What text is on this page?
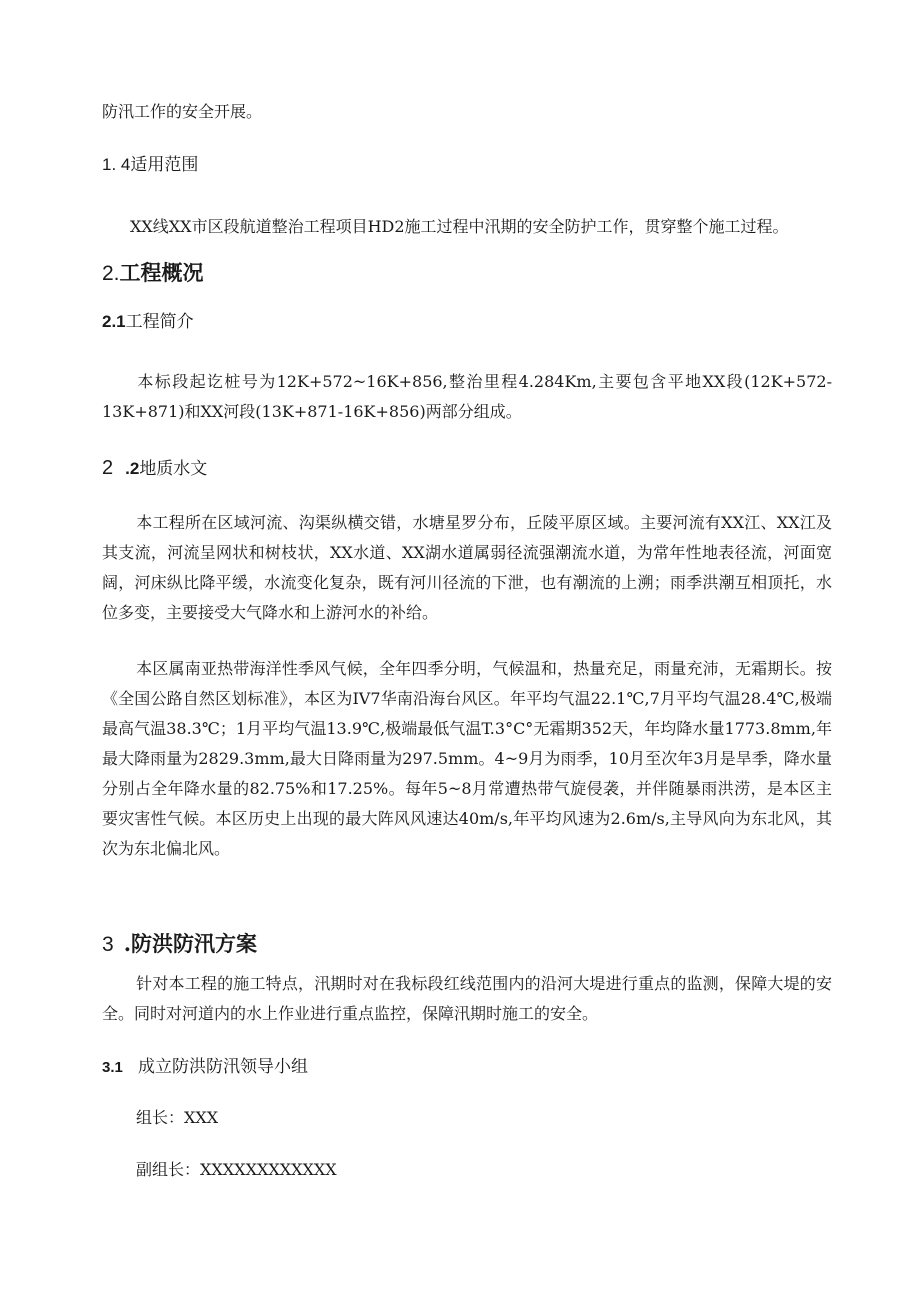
防汛工作的安全开展。
1. 4适用范围
XX线XX市区段航道整治工程项目HD2施工过程中汛期的安全防护工作，贯穿整个施工过程。
2.工程概况
2.1工程简介
本标段起讫桩号为12K+572~16K+856,整治里程4.284Km,主要包含平地XX段(12K+572-13K+871)和XX河段(13K+871-16K+856)两部分组成。
2 .2地质水文
本工程所在区域河流、沟渠纵横交错，水塘星罗分布，丘陵平原区域。主要河流有XX江、XX江及其支流，河流呈网状和树枝状，XX水道、XX湖水道属弱径流强潮流水道，为常年性地表径流，河面宽阔，河床纵比降平缓，水流变化复杂，既有河川径流的下泄，也有潮流的上溯；雨季洪潮互相顶托，水位多变，主要接受大气降水和上游河水的补给。
本区属南亚热带海洋性季风气候，全年四季分明，气候温和，热量充足，雨量充沛，无霜期长。按《全国公路自然区划标准》，本区为IV7华南沿海台风区。年平均气温22.1℃,7月平均气温28.4℃,极端最高气温38.3℃；1月平均气温13.9℃,极端最低气温T.3°C°无霜期352天，年均降水量1773.8mm,年最大降雨量为2829.3mm,最大日降雨量为297.5mm。4~9月为雨季，10月至次年3月是旱季，降水量分别占全年降水量的82.75%和17.25%。每年5~8月常遭热带气旋侵袭，并伴随暴雨洪涝，是本区主要灾害性气候。本区历史上出现的最大阵风风速达40m∕s,年平均风速为2.6m∕s,主导风向为东北风，其次为东北偏北风。
3 .防洪防汛方案
针对本工程的施工特点，汛期时对在我标段红线范围内的沿河大堤进行重点的监测，保障大堤的安全。同时对河道内的水上作业进行重点监控，保障汛期时施工的安全。
3.1 成立防洪防汛领导小组
组长：XXX
副组长：XXXXXXXXXXXX
